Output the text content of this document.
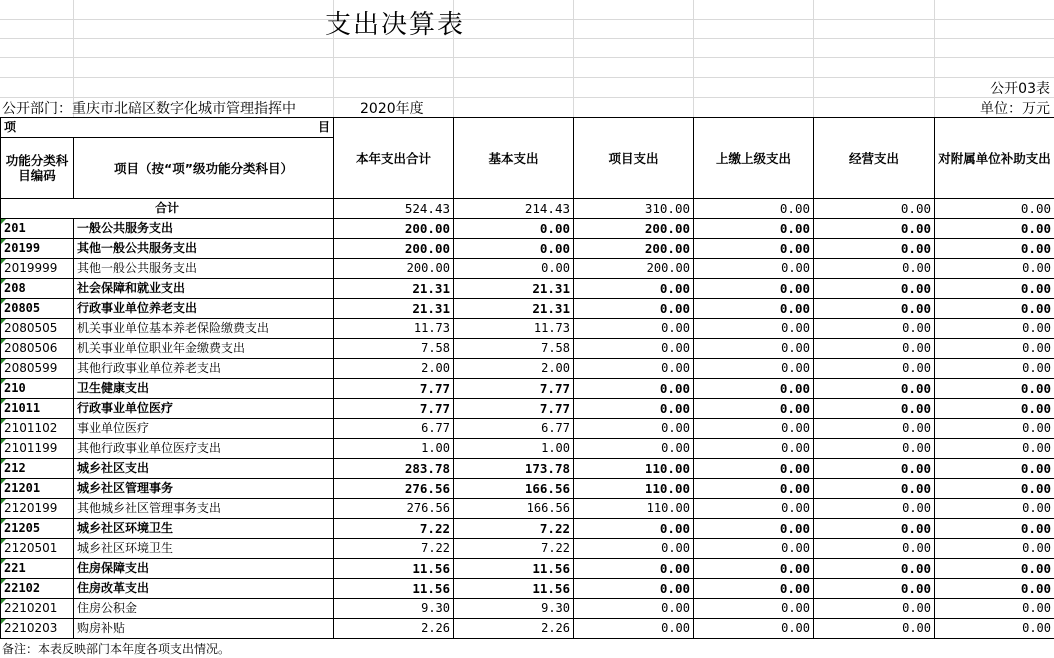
支出决算表
公开03表
公开部门：重庆市北碚区数字化城市管理指挥中	2020年度	单位：万元
项	目	本年支出合计	基本支出	项目支出	上缴上级支出	经营支出	对附属单位补助支出
功能分类科目编码	项目（按“项”级功能分类科目）						
合计		524.43	214.43	310.00	0.00	0.00	0.00
201	一般公共服务支出	200.00	0.00	200.00	0.00	0.00	0.00
20199	其他一般公共服务支出	200.00	0.00	200.00	0.00	0.00	0.00
2019999	其他一般公共服务支出	200.00	0.00	200.00	0.00	0.00	0.00
208	社会保障和就业支出	21.31	21.31	0.00	0.00	0.00	0.00
20805	行政事业单位养老支出	21.31	21.31	0.00	0.00	0.00	0.00
2080505	机关事业单位基本养老保险缴费支出	11.73	11.73	0.00	0.00	0.00	0.00
2080506	机关事业单位职业年金缴费支出	7.58	7.58	0.00	0.00	0.00	0.00
2080599	其他行政事业单位养老支出	2.00	2.00	0.00	0.00	0.00	0.00
210	卫生健康支出	7.77	7.77	0.00	0.00	0.00	0.00
21011	行政事业单位医疗	7.77	7.77	0.00	0.00	0.00	0.00
2101102	事业单位医疗	6.77	6.77	0.00	0.00	0.00	0.00
2101199	其他行政事业单位医疗支出	1.00	1.00	0.00	0.00	0.00	0.00
212	城乡社区支出	283.78	173.78	110.00	0.00	0.00	0.00
21201	城乡社区管理事务	276.56	166.56	110.00	0.00	0.00	0.00
2120199	其他城乡社区管理事务支出	276.56	166.56	110.00	0.00	0.00	0.00
21205	城乡社区环境卫生	7.22	7.22	0.00	0.00	0.00	0.00
2120501	城乡社区环境卫生	7.22	7.22	0.00	0.00	0.00	0.00
221	住房保障支出	11.56	11.56	0.00	0.00	0.00	0.00
22102	住房改革支出	11.56	11.56	0.00	0.00	0.00	0.00
2210201	住房公积金	9.30	9.30	0.00	0.00	0.00	0.00
2210203	购房补贴	2.26	2.26	0.00	0.00	0.00	0.00
备注：本表反映部门本年度各项支出情况。
